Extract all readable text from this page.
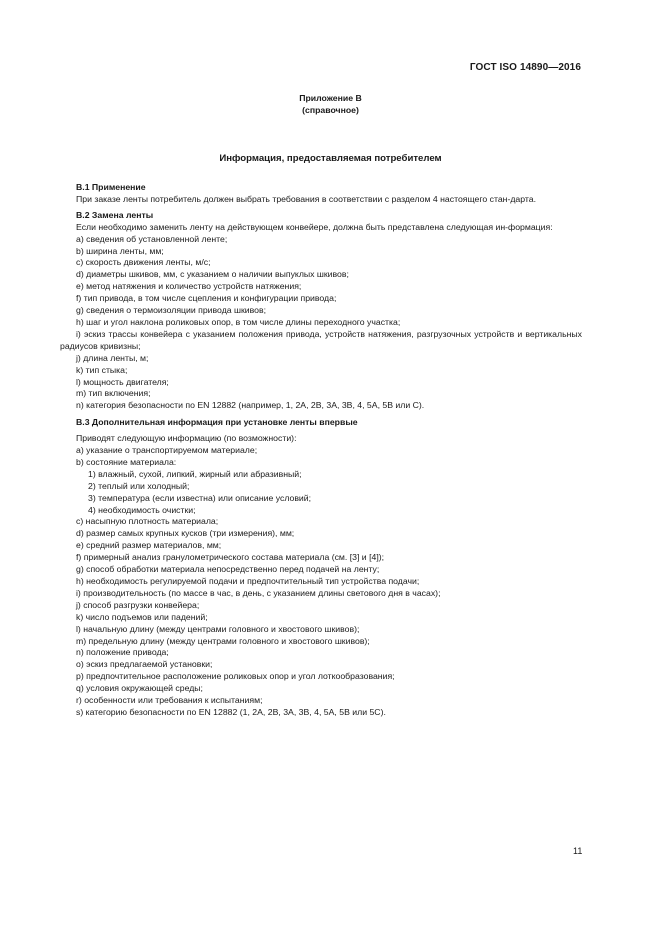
ГОСТ ISO 14890—2016
Приложение В
(справочное)
Информация, предоставляемая потребителем
В.1 Применение
При заказе ленты потребитель должен выбрать требования в соответствии с разделом 4 настоящего стан-дарта.
В.2 Замена ленты
Если необходимо заменить ленту на действующем конвейере, должна быть представлена следующая ин-формация:
a) сведения об установленной ленте;
b) ширина ленты, мм;
c) скорость движения ленты, м/с;
d) диаметры шкивов, мм, с указанием о наличии выпуклых шкивов;
e) метод натяжения и количество устройств натяжения;
f) тип привода, в том числе сцепления и конфигурации привода;
g) сведения о термоизоляции привода шкивов;
h) шаг и угол наклона роликовых опор, в том числе длины переходного участка;
i) эскиз трассы конвейера с указанием положения привода, устройств натяжения, разгрузочных устройств и вертикальных радиусов кривизны;
j) длина ленты, м;
k) тип стыка;
l) мощность двигателя;
m) тип включения;
n) категория безопасности по EN 12882 (например, 1, 2А, 2В, 3А, 3В, 4, 5А, 5В или С).
В.3 Дополнительная информация при установке ленты впервые
Приводят следующую информацию (по возможности):
a) указание о транспортируемом материале;
b) состояние материала:
1) влажный, сухой, липкий, жирный или абразивный;
2) теплый или холодный;
3) температура (если известна) или описание условий;
4) необходимость очистки;
c) насыпную плотность материала;
d) размер самых крупных кусков (три измерения), мм;
e) средний размер материалов, мм;
f) примерный анализ гранулометрического состава материала (см. [3] и [4]);
g) способ обработки материала непосредственно перед подачей на ленту;
h) необходимость регулируемой подачи и предпочтительный тип устройства подачи;
i) производительность (по массе в час, в день, с указанием длины светового дня в часах);
j) способ разгрузки конвейера;
k) число подъемов или падений;
l) начальную длину (между центрами головного и хвостового шкивов);
m) предельную длину (между центрами головного и хвостового шкивов);
n) положение привода;
o) эскиз предлагаемой установки;
p) предпочтительное расположение роликовых опор и угол лоткообразования;
q) условия окружающей среды;
r) особенности или требования к испытаниям;
s) категорию безопасности по EN 12882 (1, 2А, 2В, 3А, 3В, 4, 5А, 5В или 5С).
11
